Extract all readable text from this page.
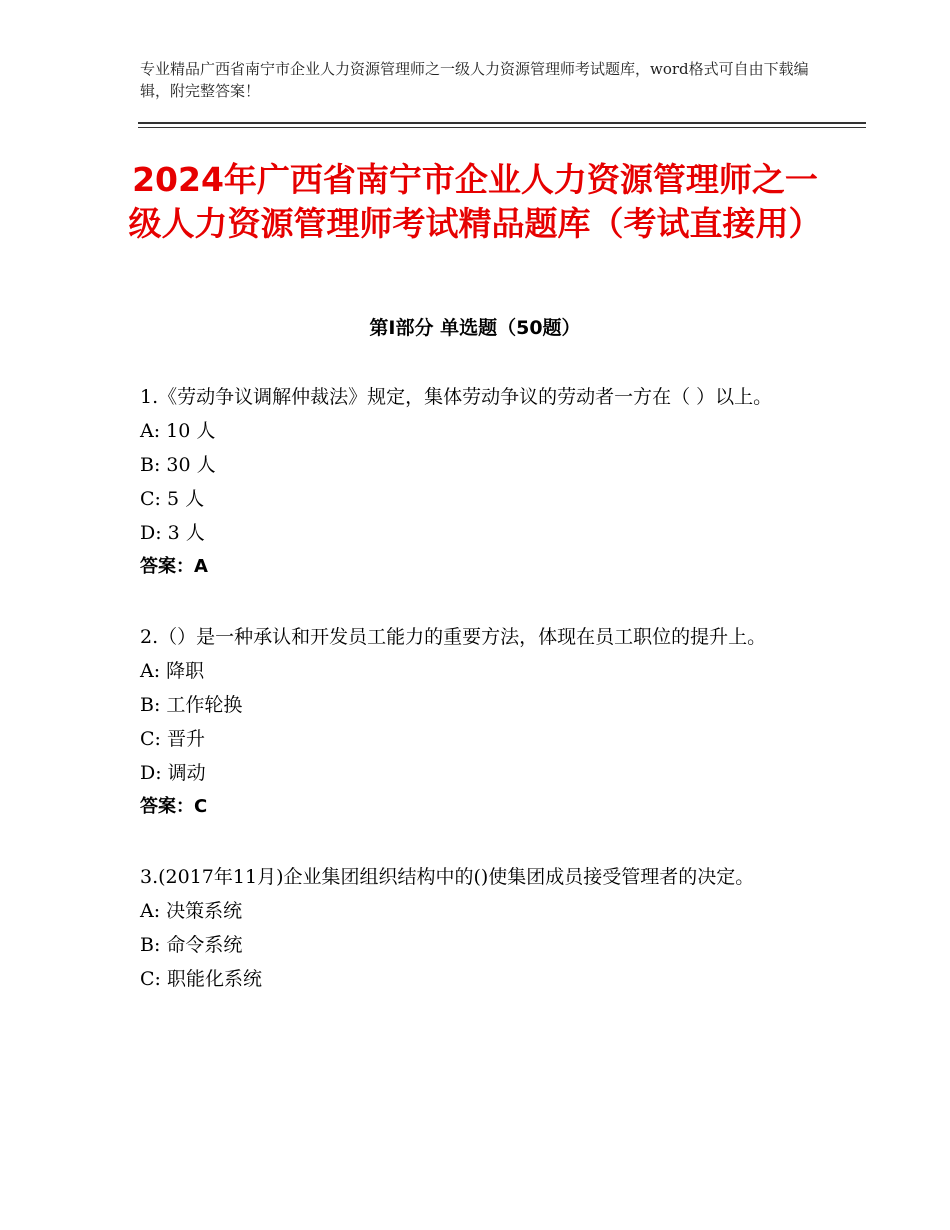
专业精品广西省南宁市企业人力资源管理师之一级人力资源管理师考试题库，word格式可自由下载编辑，附完整答案！
2024年广西省南宁市企业人力资源管理师之一级人力资源管理师考试精品题库（考试直接用）
第Ⅰ部分 单选题（50题）

1.《劳动争议调解仲裁法》规定，集体劳动争议的劳动者一方在（ ）以上。

A: 10 人

B: 30 人

C: 5 人

D: 3 人

答案：A

2.（）是一种承认和开发员工能力的重要方法，体现在员工职位的提升上。

A: 降职

B: 工作轮换

C: 晋升

D: 调动

答案：C

3.(2017年11月)企业集团组织结构中的()使集团成员接受管理者的决定。

A: 决策系统

B: 命令系统

C: 职能化系统
